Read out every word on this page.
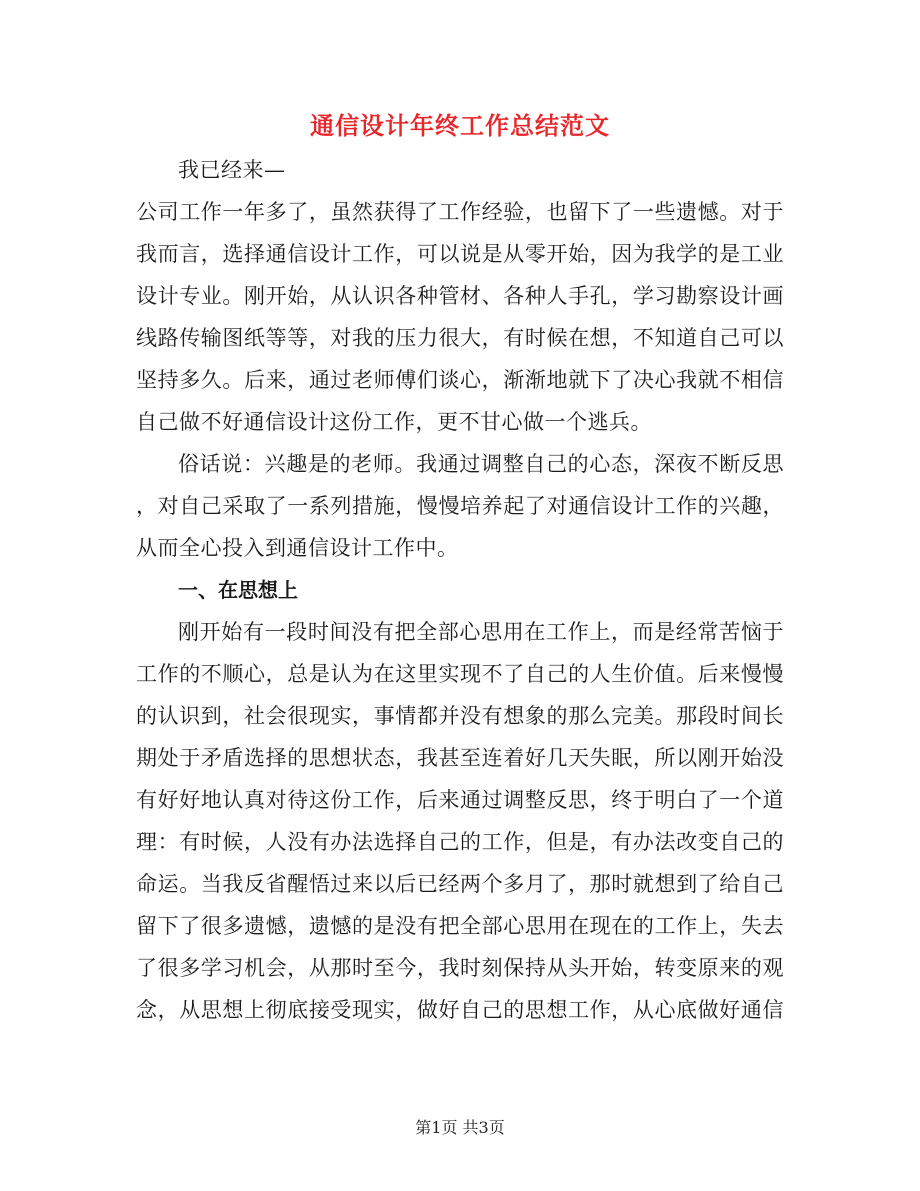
通信设计年终工作总结范文
我已经来—
公司工作一年多了，虽然获得了工作经验，也留下了一些遗憾。对于
我而言，选择通信设计工作，可以说是从零开始，因为我学的是工业
设计专业。刚开始，从认识各种管材、各种人手孔，学习勘察设计画
线路传输图纸等等，对我的压力很大，有时候在想，不知道自己可以
坚持多久。后来，通过老师傅们谈心，渐渐地就下了决心我就不相信
自己做不好通信设计这份工作，更不甘心做一个逃兵。
俗话说：兴趣是的老师。我通过调整自己的心态，深夜不断反思
，对自己采取了一系列措施，慢慢培养起了对通信设计工作的兴趣，
从而全心投入到通信设计工作中。
一、在思想上
刚开始有一段时间没有把全部心思用在工作上，而是经常苦恼于
工作的不顺心，总是认为在这里实现不了自己的人生价值。后来慢慢
的认识到，社会很现实，事情都并没有想象的那么完美。那段时间长
期处于矛盾选择的思想状态，我甚至连着好几天失眠，所以刚开始没
有好好地认真对待这份工作，后来通过调整反思，终于明白了一个道
理：有时候，人没有办法选择自己的工作，但是，有办法改变自己的
命运。当我反省醒悟过来以后已经两个多月了，那时就想到了给自己
留下了很多遗憾，遗憾的是没有把全部心思用在现在的工作上，失去
了很多学习机会，从那时至今，我时刻保持从头开始，转变原来的观
念，从思想上彻底接受现实，做好自己的思想工作，从心底做好通信
第1页 共3页
